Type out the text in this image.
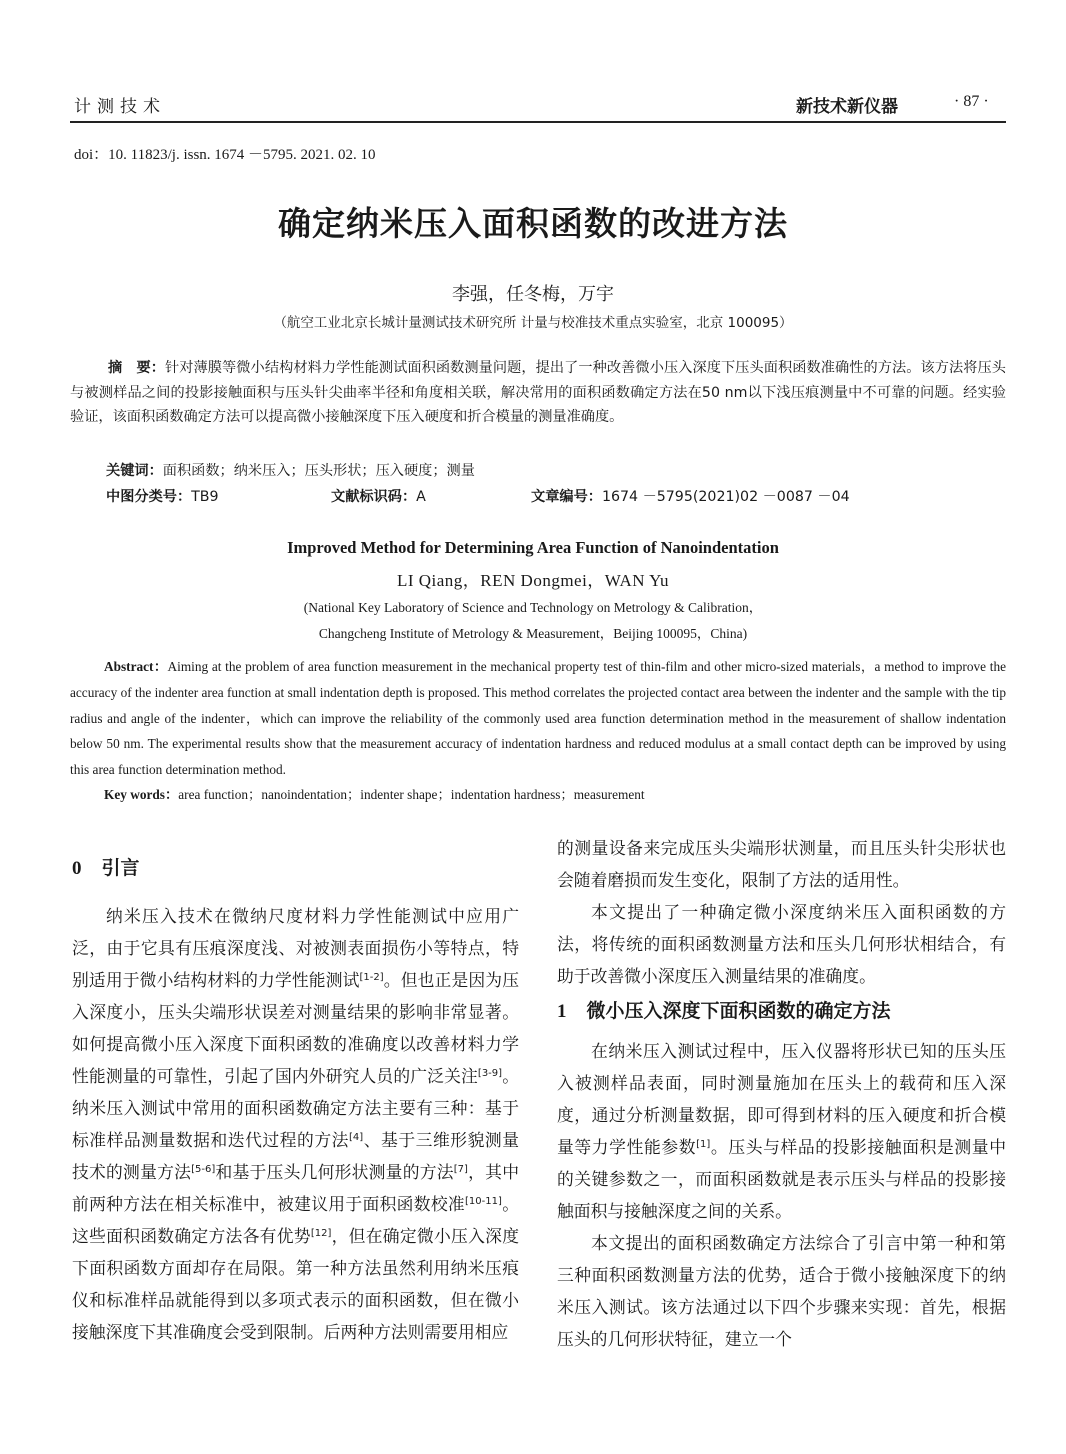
计测技术	新技术新仪器	· 87 ·
doi：10. 11823/j. issn. 1674 －5795. 2021. 02. 10
确定纳米压入面积函数的改进方法
李强，任冬梅，万宇
（航空工业北京长城计量测试技术研究所 计量与校准技术重点实验室，北京 100095）
摘　要：针对薄膜等微小结构材料力学性能测试面积函数测量问题，提出了一种改善微小压入深度下压头面积函数准确性的方法。该方法将压头与被测样品之间的投影接触面积与压头针尖曲率半径和角度相关联，解决常用的面积函数确定方法在50 nm以下浅压痕测量中不可靠的问题。经实验验证，该面积函数确定方法可以提高微小接触深度下压入硬度和折合模量的测量准确度。
关键词：面积函数；纳米压入；压头形状；压入硬度；测量
中图分类号：TB9	文献标识码：A	文章编号：1674 －5795(2021)02 －0087 －04
Improved Method for Determining Area Function of Nanoindentation
LI Qiang，REN Dongmei，WAN Yu
(National Key Laboratory of Science and Technology on Metrology & Calibration，
Changcheng Institute of Metrology & Measurement，Beijing 100095，China)
Abstract：Aiming at the problem of area function measurement in the mechanical property test of thin-film and other micro-sized materials，a method to improve the accuracy of the indenter area function at small indentation depth is proposed. This method correlates the projected contact area between the indenter and the sample with the tip radius and angle of the indenter，which can improve the reliability of the commonly used area function determination method in the measurement of shallow indentation below 50 nm. The experimental results show that the measurement accuracy of indentation hardness and reduced modulus at a small contact depth can be improved by using this area function determination method.
Key words：area function；nanoindentation；indenter shape；indentation hardness；measurement
0 引言

纳米压入技术在微纳尺度材料力学性能测试中应用广泛，由于它具有压痕深度浅、对被测表面损伤小等特点，特别适用于微小结构材料的力学性能测试[1-2]。但也正是因为压入深度小，压头尖端形状误差对测量结果的影响非常显著。如何提高微小压入深度下面积函数的准确度以改善材料力学性能测量的可靠性，引起了国内外研究人员的广泛关注[3-9]。纳米压入测试中常用的面积函数确定方法主要有三种：基于标准样品测量数据和迭代过程的方法[4]、基于三维形貌测量技术的测量方法[5-6]和基于压头几何形状测量的方法[7]，其中前两种方法在相关标准中，被建议用于面积函数校准[10-11]。这些面积函数确定方法各有优势[12]，但在确定微小压入深度下面积函数方面却存在局限。第一种方法虽然利用纳米压痕仪和标准样品就能得到以多项式表示的面积函数，但在微小接触深度下其准确度会受到限制。后两种方法则需要用相应

的测量设备来完成压头尖端形状测量，而且压头针尖形状也会随着磨损而发生变化，限制了方法的适用性。

本文提出了一种确定微小深度纳米压入面积函数的方法，将传统的面积函数测量方法和压头几何形状相结合，有助于改善微小深度压入测量结果的准确度。

1 微小压入深度下面积函数的确定方法

在纳米压入测试过程中，压入仪器将形状已知的压头压入被测样品表面，同时测量施加在压头上的载荷和压入深度，通过分析测量数据，即可得到材料的压入硬度和折合模量等力学性能参数[1]。压头与样品的投影接触面积是测量中的关键参数之一，而面积函数就是表示压头与样品的投影接触面积与接触深度之间的关系。

本文提出的面积函数确定方法综合了引言中第一种和第三种面积函数测量方法的优势，适合于微小接触深度下的纳米压入测试。该方法通过以下四个步骤来实现：首先，根据压头的几何形状特征，建立一个
